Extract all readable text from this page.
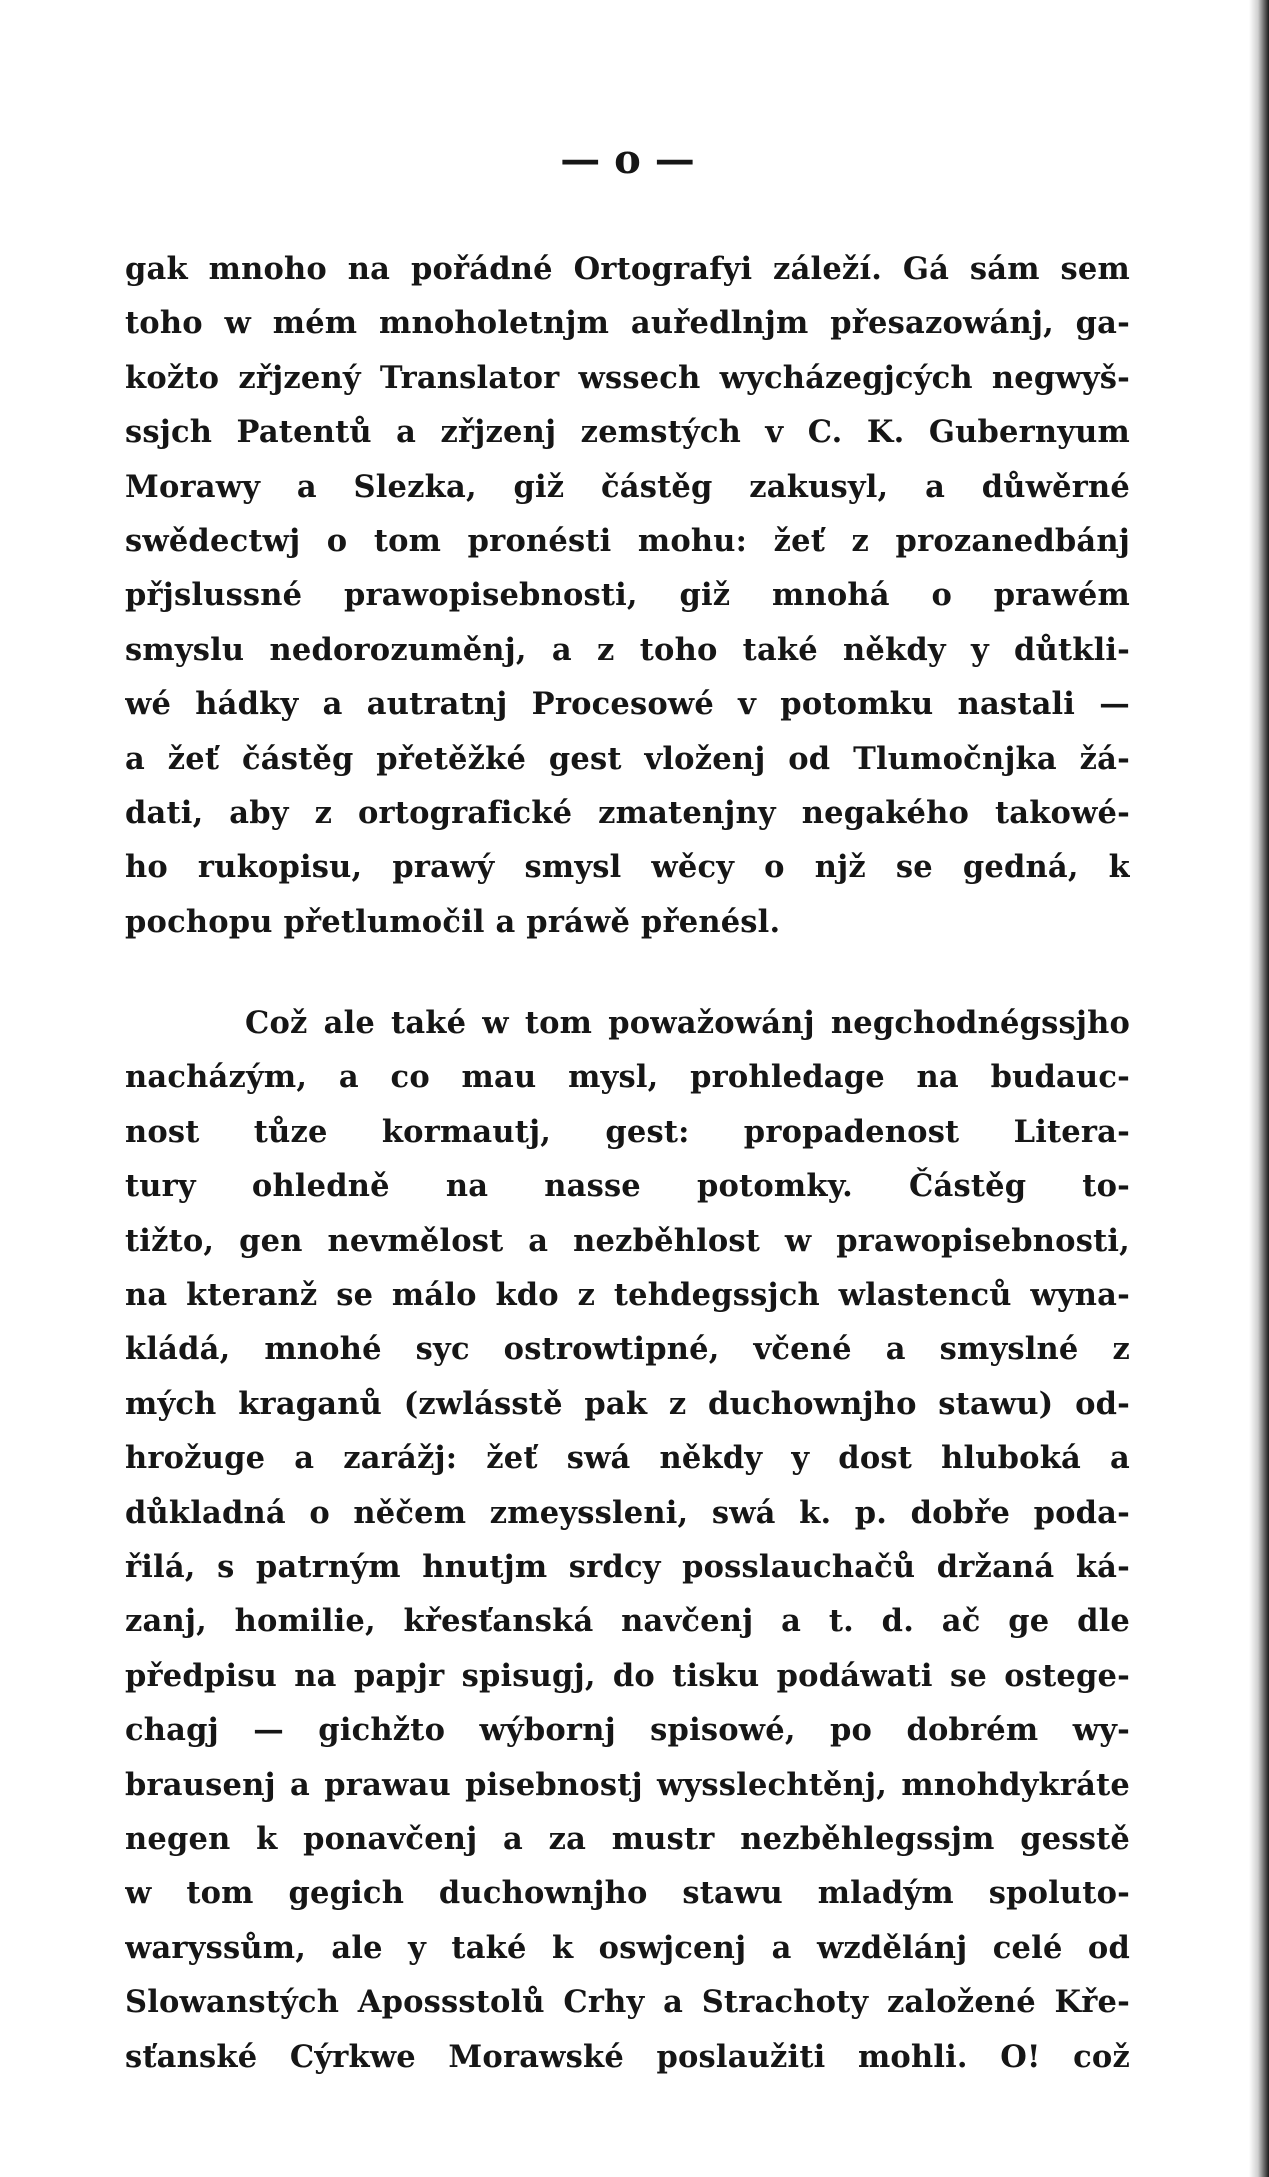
— o —
gak mnoho na pořádné Ortografyi záleží. Gá sám sem
toho w mém mnoholetnjm auředlnjm přesazowánj, ga-
kožto zřjzený Translator wssech wycházegjcých negwyš-
ssjch Patentů a zřjzenj zemstých v C. K. Gubernyum
Morawy a Slezka, giž částěg zakusyl, a důwěrné
swědectwj o tom pronésti mohu: žeť z prozanedbánj
přjslussné prawopisebnosti, giž mnohá o prawém
smyslu nedorozuměnj, a z toho také někdy y důtkli-
wé hádky a autratnj Procesowé v potomku nastali —
a žeť částěg přetěžké gest vloženj od Tlumočnjka žá-
dati, aby z ortografické zmatenjny negakého takowé-
ho rukopisu, prawý smysl wěcy o njž se gedná, k
pochopu přetlumočil a práwě přenésl.
Což ale také w tom powažowánj negchodnégssjho
nacházým, a co mau mysl, prohledage na budauc-
nost tůze kormautj, gest: propadenost Litera-
tury ohledně na nasse potomky. Částěg to-
tižto, gen nevmělost a nezběhlost w prawopisebnosti,
na kteranž se málo kdo z tehdegssjch wlastenců wyna-
kládá, mnohé syc ostrowtipné, včené a smyslné z
mých kraganů (zwlásstě pak z duchownjho stawu) od-
hrožuge a zarážj: žeť swá někdy y dost hluboká a
důkladná o něčem zmeyssleni, swá k. p. dobře poda-
řilá, s patrným hnutjm srdcy posslauchačů držaná ká-
zanj, homilie, křesťanská navčenj a t. d. ač ge dle
předpisu na papjr spisugj, do tisku podáwati se ostege-
chagj — gichžto wýbornj spisowé, po dobrém wy-
brausenj a prawau pisebnostj wysslechtěnj, mnohdykráte
negen k ponavčenj a za mustr nezběhlegssjm gesstě
w tom gegich duchownjho stawu mladým spoluto-
waryssům, ale y také k oswjcenj a wzdělánj celé od
Slowanstých Apossstolů Crhy a Strachoty založené Kře-
sťanské Cýrkwe Morawské poslaužiti mohli. O! což
